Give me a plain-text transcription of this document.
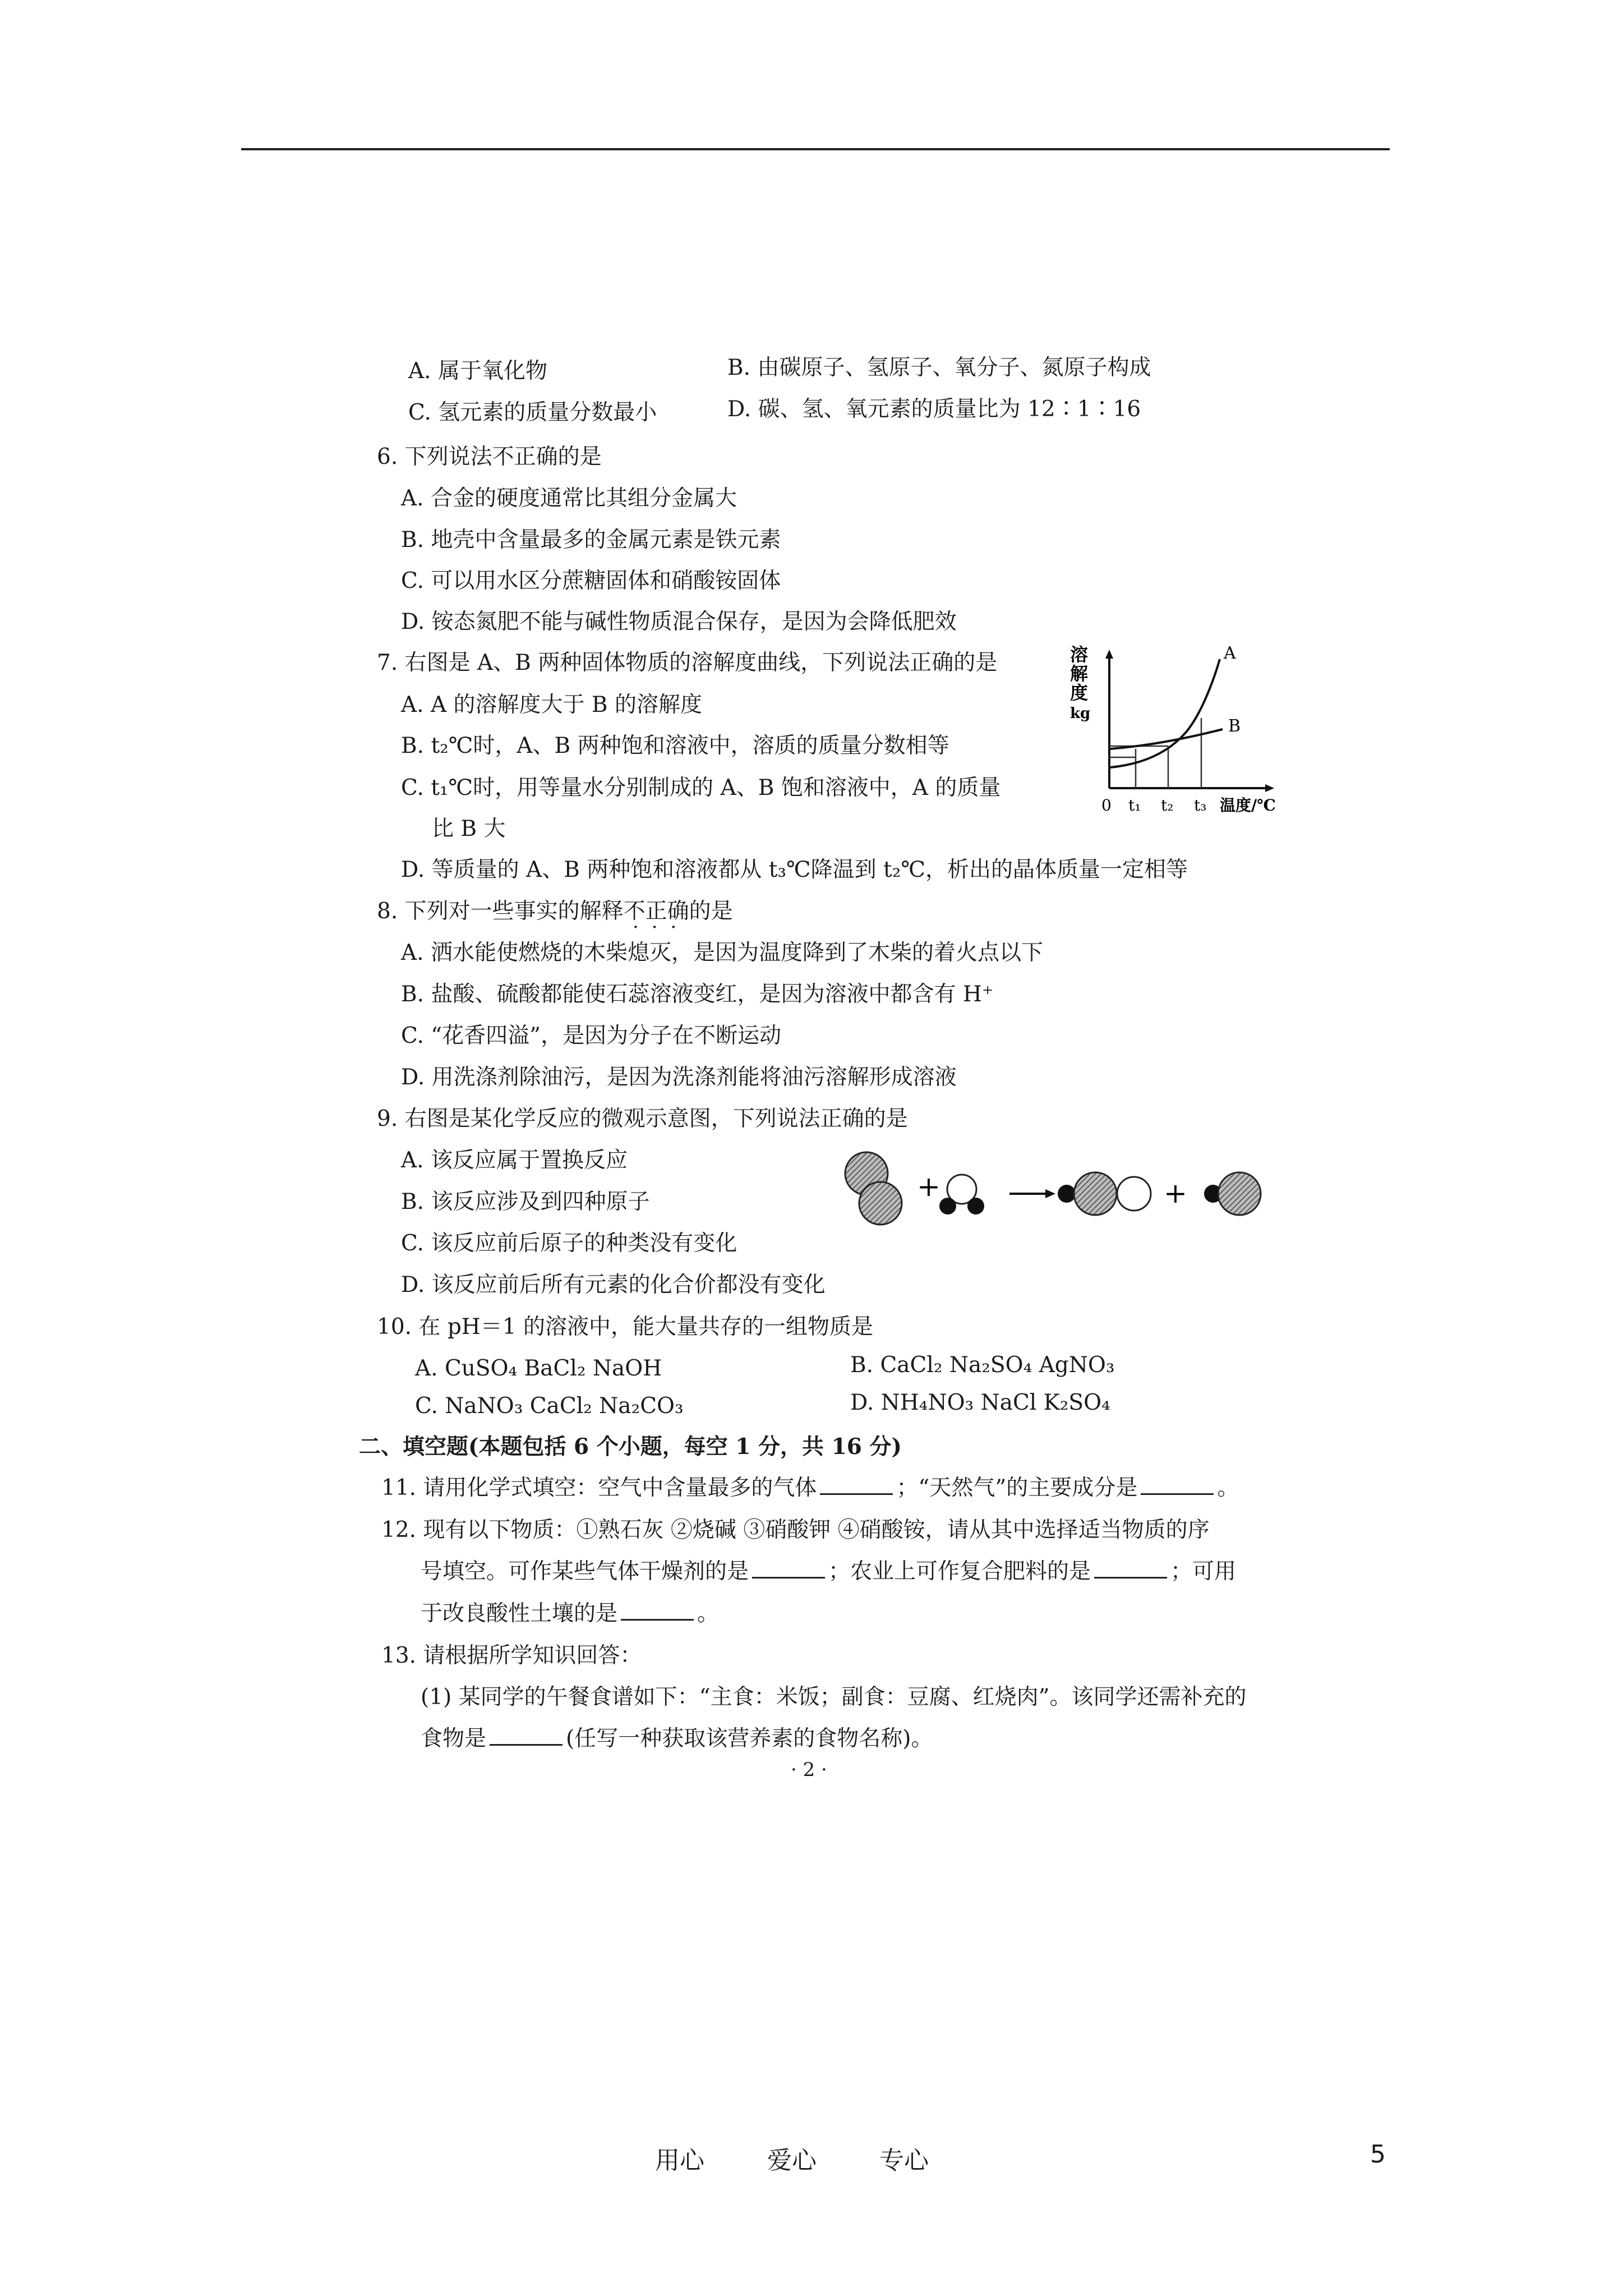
A. 属于氧化物	B. 由碳原子、氢原子、氧分子、氮原子构成
C. 氢元素的质量分数最小	D. 碳、氢、氧元素的质量比为 12∶1∶16
6. 下列说法不正确的是
A. 合金的硬度通常比其组分金属大
B. 地壳中含量最多的金属元素是铁元素
C. 可以用水区分蔗糖固体和硝酸铵固体
D. 铵态氮肥不能与碱性物质混合保存，是因为会降低肥效
7. 右图是 A、B 两种固体物质的溶解度曲线，下列说法正确的是
A. A 的溶解度大于 B 的溶解度
B. t₂℃时，A、B 两种饱和溶液中，溶质的质量分数相等
C. t₁℃时，用等量水分别制成的 A、B 饱和溶液中，A 的质量
比 B 大
D. 等质量的 A、B 两种饱和溶液都从 t₃℃降温到 t₂℃，析出的晶体质量一定相等
溶
解
度
kg
A
B
0 t₁ t₂ t₃ 温度/℃
8. 下列对一些事实的解释不正确 · · ·的是
A. 洒水能使燃烧的木柴熄灭，是因为温度降到了木柴的着火点以下
B. 盐酸、硫酸都能使石蕊溶液变红，是因为溶液中都含有 H⁺
C. “花香四溢”，是因为分子在不断运动
D. 用洗涤剂除油污，是因为洗涤剂能将油污溶解形成溶液
9. 右图是某化学反应的微观示意图，下列说法正确的是
A. 该反应属于置换反应
B. 该反应涉及到四种原子
C. 该反应前后原子的种类没有变化
D. 该反应前后所有元素的化合价都没有变化
+	+
10. 在 pH＝1 的溶液中，能大量共存的一组物质是
A. CuSO₄ BaCl₂ NaOH	B. CaCl₂ Na₂SO₄ AgNO₃
C. NaNO₃ CaCl₂ Na₂CO₃	D. NH₄NO₃ NaCl K₂SO₄
二、填空题(本题包括 6 个小题，每空 1 分，共 16 分)
11. 请用化学式填空：空气中含量最多的气体	；“天然气”的主要成分是	。
12. 现有以下物质：①熟石灰 ②烧碱 ③硝酸钾 ④硝酸铵，请从其中选择适当物质的序
号填空。可作某些气体干燥剂的是	；农业上可作复合肥料的是	；可用
于改良酸性土壤的是	。
13. 请根据所学知识回答：
(1) 某同学的午餐食谱如下：“主食：米饭；副食：豆腐、红烧肉”。该同学还需补充的
食物是	(任写一种获取该营养素的食物名称)。
· 2 ·
用心	爱心	专心	5
